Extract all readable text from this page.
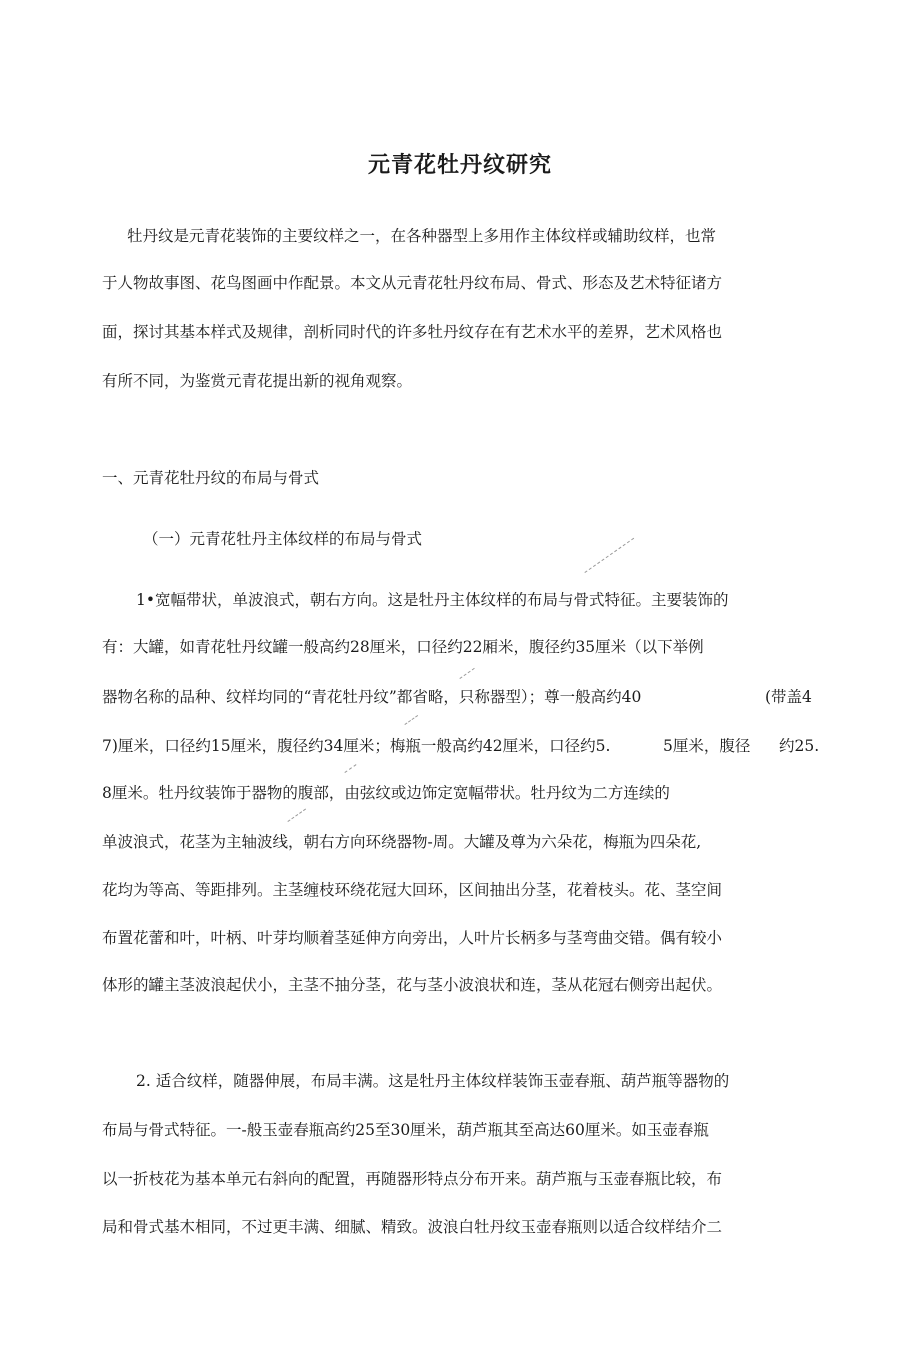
元青花牡丹纹研究
牡丹纹是元青花装饰的主要纹样之一，在各种器型上多用作主体纹样或辅助纹样，也常
于人物故事图、花鸟图画中作配景。本文从元青花牡丹纹布局、骨式、形态及艺术特征诸方
面，探讨其基本样式及规律，剖析同时代的许多牡丹纹存在有艺术水平的差界，艺术风格也
有所不同，为鉴赏元青花提出新的视角观察。
一、元青花牡丹纹的布局与骨式
（一）元青花牡丹主体纹样的布局与骨式
1•宽幅带状，单波浪式，朝右方向。这是牡丹主体纹样的布局与骨式特征。主要装饰的
有：大罐，如青花牡丹纹罐一般高约28厘米，口径约22厢米，腹径约35厘米（以下举例
器物名称的品种、纹样均同的“青花牡丹纹”都省略，只称器型）；尊一般高约40	(带盖4
7)厘米，口径约15厘米，腹径约34厘米；梅瓶一般高约42厘米，口径约5.	5厘米，腹径 约25.
8厘米。牡丹纹装饰于器物的腹部，由弦纹或边饰定宽幅带状。牡丹纹为二方连续的
单波浪式，花茎为主轴波线，朝右方向环绕器物-周。大罐及尊为六朵花，梅瓶为四朵花,
花均为等高、等距排列。主茎缠枝环绕花冠大回环，区间抽出分茎，花着枝头。花、茎空间
布置花蕾和叶，叶柄、叶芽均顺着茎延伸方向旁出，人叶片长柄多与茎弯曲交错。偶有较小
体形的罐主茎波浪起伏小，主茎不抽分茎，花与茎小波浪状和连，茎从花冠右侧旁出起伏。
2. 适合纹样，随器伸展，布局丰满。这是牡丹主体纹样装饰玉壶春瓶、葫芦瓶等器物的
布局与骨式特征。一-般玉壶春瓶高约25至30厘米，葫芦瓶其至高达60厘米。如玉壶春瓶
以一折枝花为基本单元右斜向的配置，再随器形特点分布开来。葫芦瓶与玉壶春瓶比较，布
局和骨式基木相同，不过更丰满、细腻、精致。波浪白牡丹纹玉壶春瓶则以适合纹样结介二
